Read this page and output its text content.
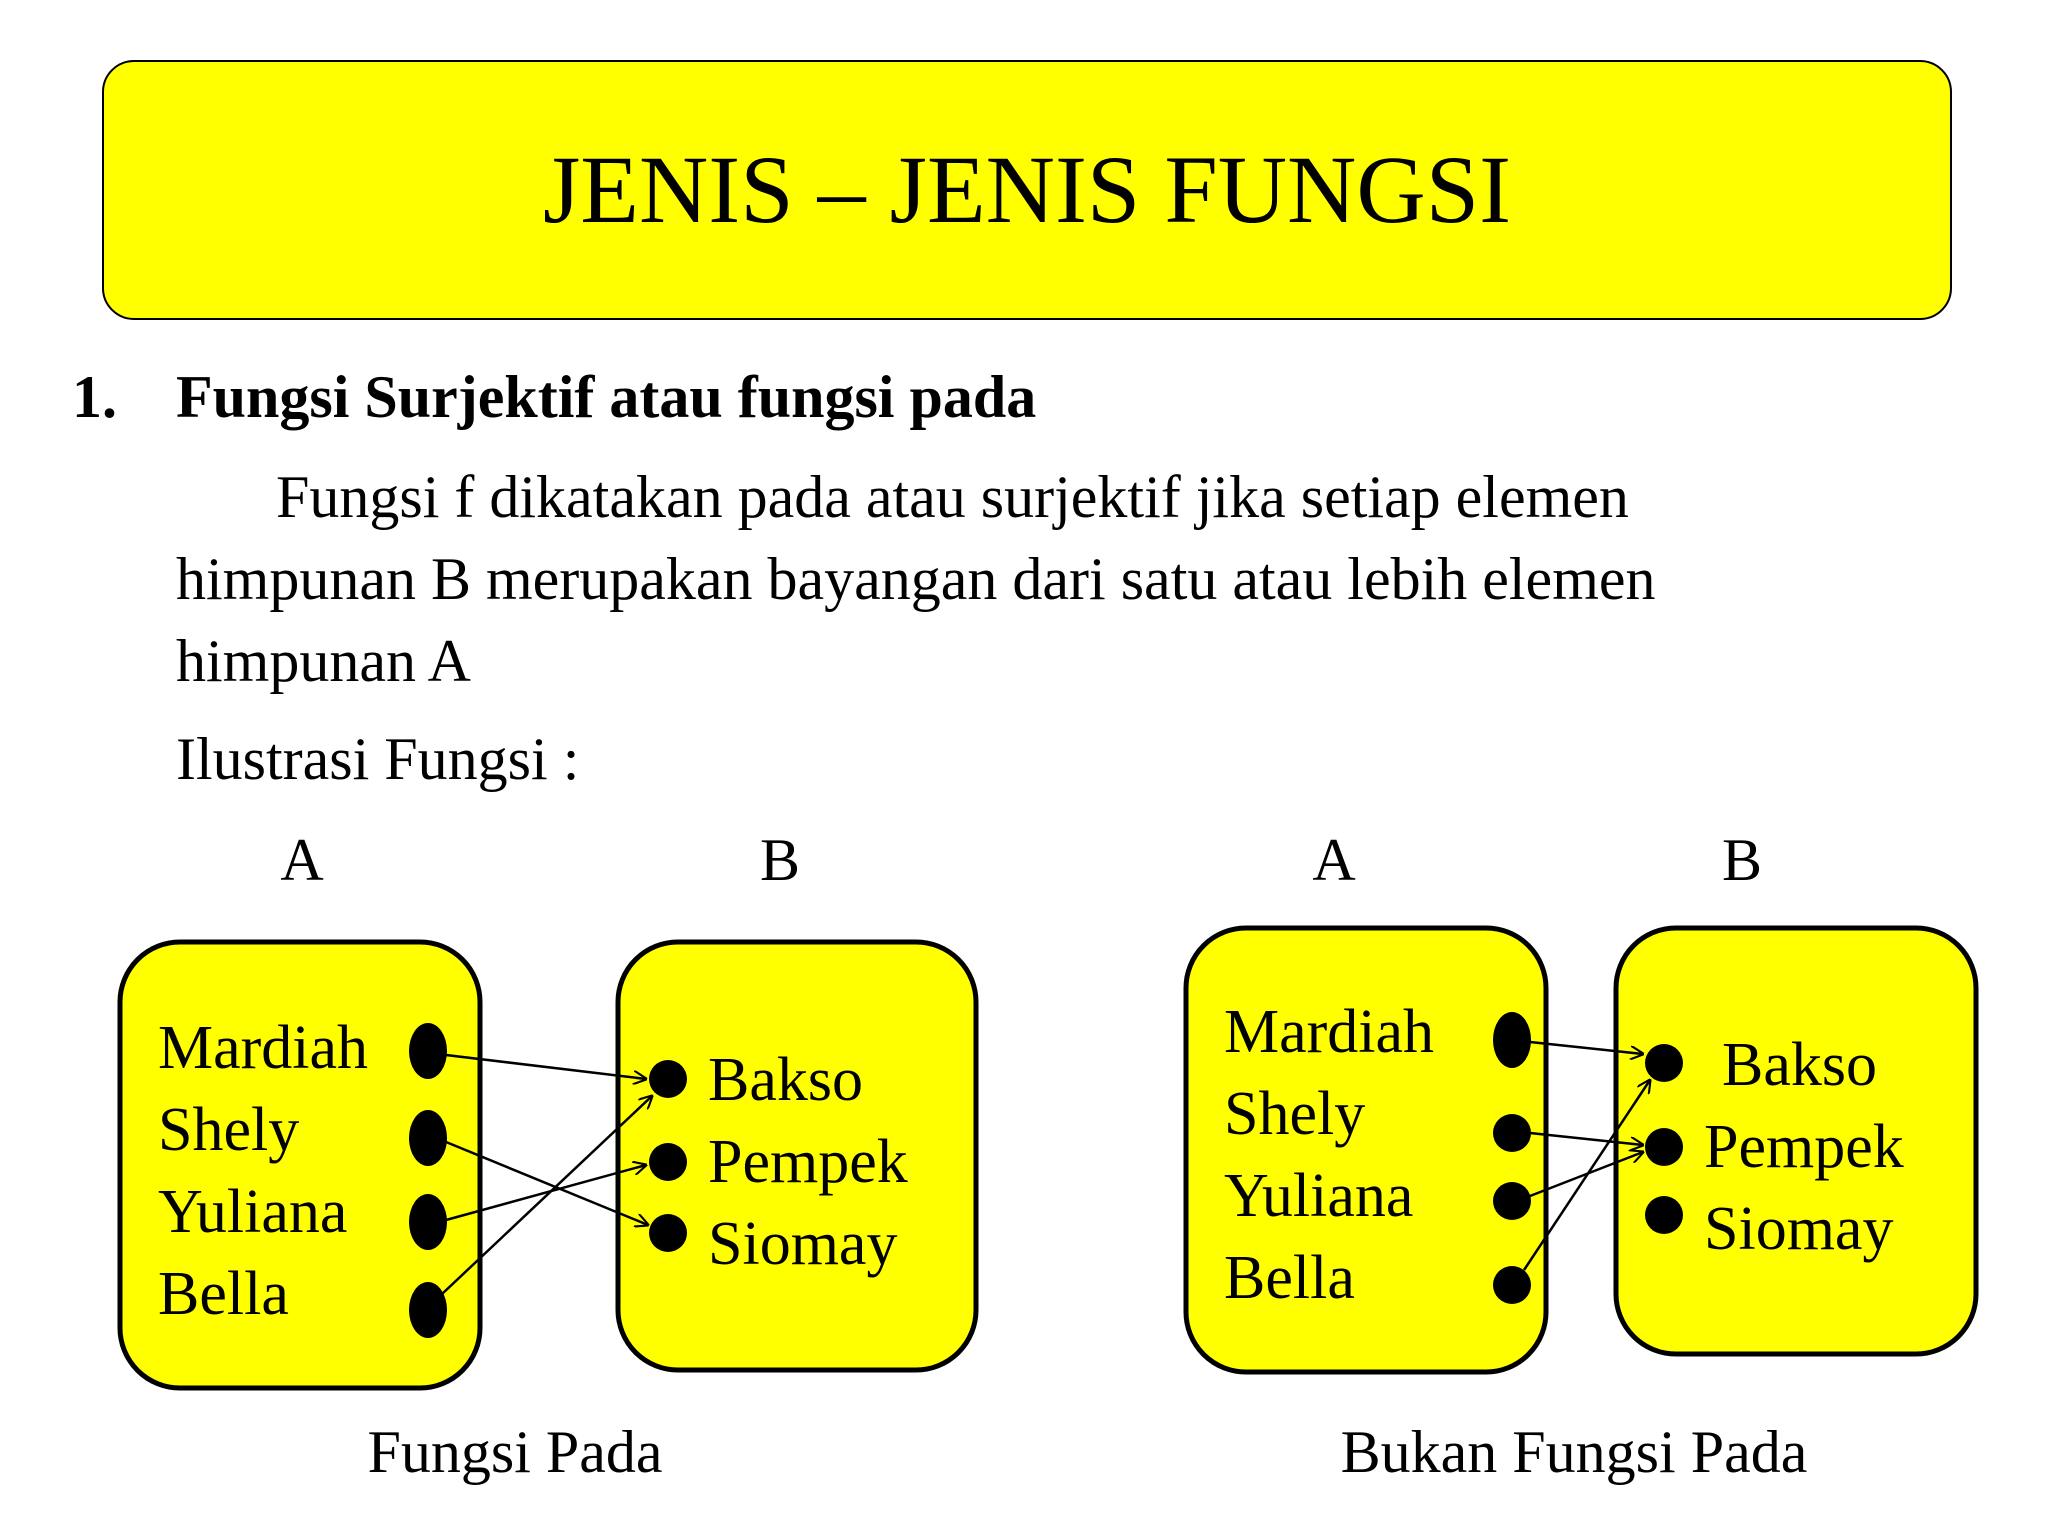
JENIS – JENIS FUNGSI
1. Fungsi Surjektif atau fungsi pada

Fungsi f dikatakan pada atau surjektif jika setiap elemen

himpunan B merupakan bayangan dari satu atau lebih elemen

himpunan A

Ilustrasi Fungsi :
A	B
Mardiah
Shely
Yuliana
Bella
Bakso
Pempek
Siomay
Fungsi Pada
A	B
Mardiah
Shely
Yuliana
Bella
Bakso
Pempek
Siomay
Bukan Fungsi Pada
